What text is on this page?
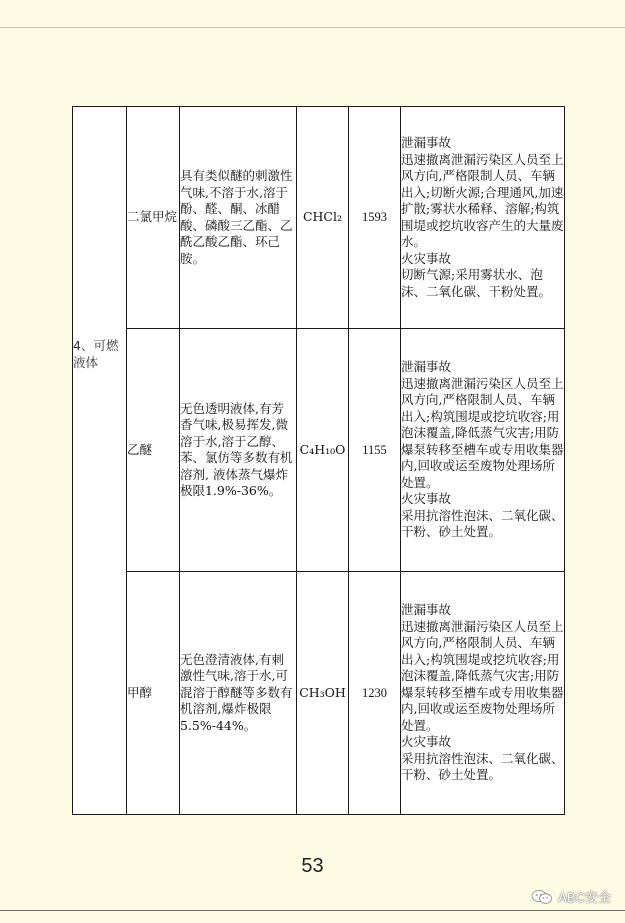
4、可燃液体	二氯甲烷	具有类似醚的刺激性气味,不溶于水,溶于酚、醛、酮、冰醋酸、磷酸三乙酯、乙酰乙酸乙酯、环己胺。	CHCl₂	1593	泄漏事故
迅速撤离泄漏污染区人员至上风方向,严格限制人员、车辆出入;切断火源;合理通风,加速扩散;雾状水稀释、溶解;构筑围堤或挖坑收容产生的大量废水。
火灾事故
切断气源;采用雾状水、泡沫、二氧化碳、干粉处置。

	乙醚	无色透明液体,有芳香气味,极易挥发,微溶于水,溶于乙醇、苯、氯仿等多数有机溶剂, 液体蒸气爆炸极限1.9%-36%。	C₄H₁₀O	1155	泄漏事故
迅速撤离泄漏污染区人员至上风方向,严格限制人员、车辆出入;构筑围堤或挖坑收容;用泡沫覆盖,降低蒸气灾害;用防爆泵转移至槽车或专用收集器内,回收或运至废物处理场所处置。
火灾事故
采用抗溶性泡沫、二氧化碳、干粉、砂土处置。

	甲醇	无色澄清液体,有刺激性气味,溶于水,可混溶于醇醚等多数有机溶剂,爆炸极限5.5%-44%。	CH₃OH	1230	泄漏事故
迅速撤离泄漏污染区人员至上风方向,严格限制人员、车辆出入;构筑围堤或挖坑收容;用泡沫覆盖,降低蒸气灾害;用防爆泵转移至槽车或专用收集器内,回收或运至废物处理场所处置。
火灾事故
采用抗溶性泡沫、二氧化碳、干粉、砂土处置。
53
ABC安全
